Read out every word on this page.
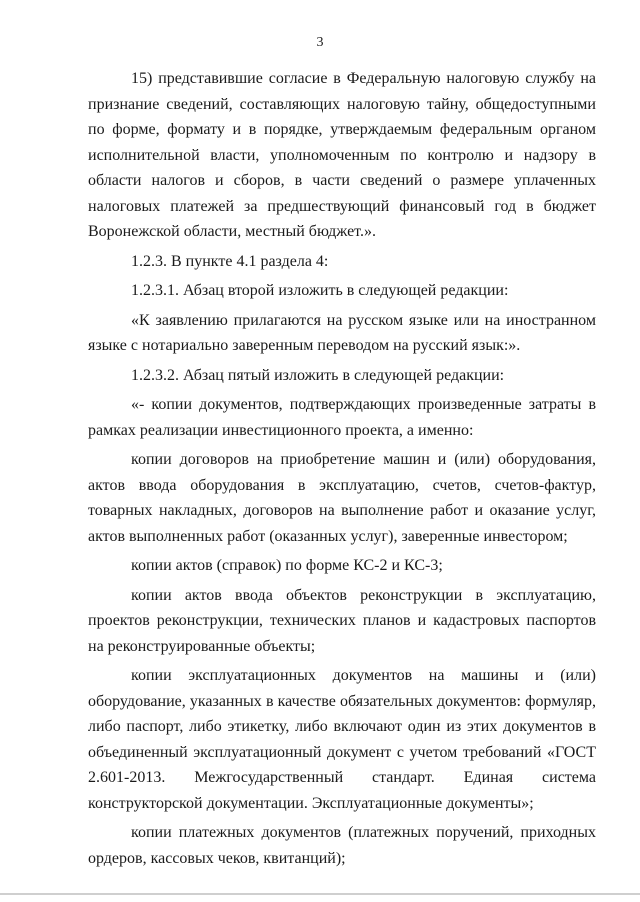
3

15) представившие согласие в Федеральную налоговую службу на признание сведений, составляющих налоговую тайну, общедоступными по форме, формату и в порядке, утверждаемым федеральным органом исполнительной власти, уполномоченным по контролю и надзору в области налогов и сборов, в части сведений о размере уплаченных налоговых платежей за предшествующий финансовый год в бюджет Воронежской области, местный бюджет.».

1.2.3. В пункте 4.1 раздела 4:

1.2.3.1. Абзац второй изложить в следующей редакции:

«К заявлению прилагаются на русском языке или на иностранном языке с нотариально заверенным переводом на русский язык:».

1.2.3.2. Абзац пятый изложить в следующей редакции:

«- копии документов, подтверждающих произведенные затраты в рамках реализации инвестиционного проекта, а именно:

копии договоров на приобретение машин и (или) оборудования, актов ввода оборудования в эксплуатацию, счетов, счетов-фактур, товарных накладных, договоров на выполнение работ и оказание услуг, актов выполненных работ (оказанных услуг), заверенные инвестором;

копии актов (справок) по форме КС-2 и КС-3;

копии актов ввода объектов реконструкции в эксплуатацию, проектов реконструкции, технических планов и кадастровых паспортов на реконструированные объекты;

копии эксплуатационных документов на машины и (или) оборудование, указанных в качестве обязательных документов: формуляр, либо паспорт, либо этикетку, либо включают один из этих документов в объединенный эксплуатационный документ с учетом требований «ГОСТ 2.601-2013. Межгосударственный стандарт. Единая система конструкторской документации. Эксплуатационные документы»;

копии платежных документов (платежных поручений, приходных ордеров, кассовых чеков, квитанций);
